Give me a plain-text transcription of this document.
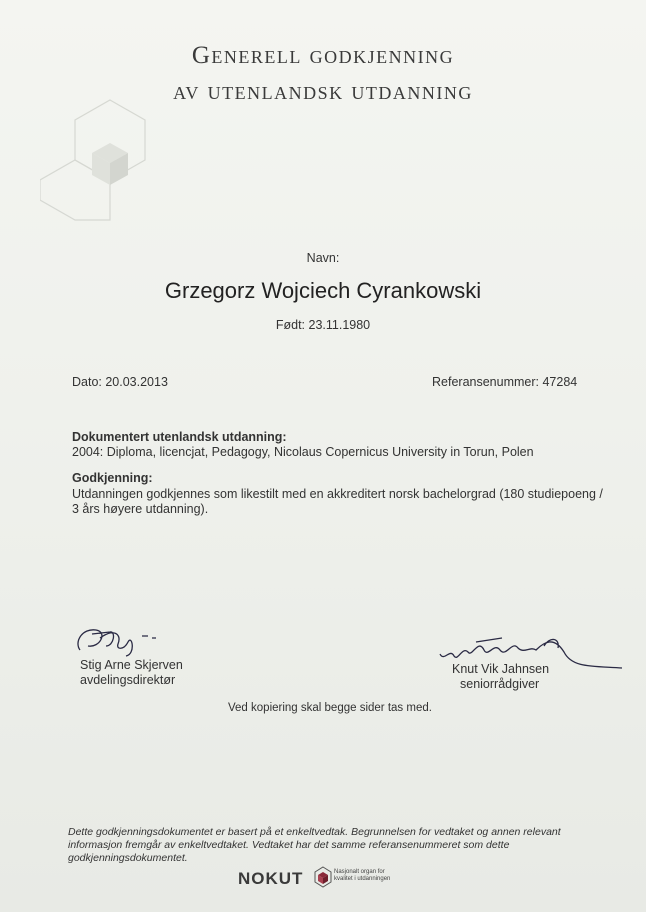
Generell godkjenning
av utenlandsk utdanning
Navn:
Grzegorz Wojciech Cyrankowski
Født: 23.11.1980
Dato: 20.03.2013	Referansenummer: 47284
Dokumentert utenlandsk utdanning:
2004: Diploma, licencjat, Pedagogy, Nicolaus Copernicus University in Torun, Polen
Godkjenning:
Utdanningen godkjennes som likestilt med en akkreditert norsk bachelorgrad (180 studiepoeng /
3 års høyere utdanning).
Stig Arne Skjerven
avdelingsdirektør
Knut Vik Jahnsen
seniorrådgiver
Ved kopiering skal begge sider tas med.
Dette godkjenningsdokumentet er basert på et enkeltvedtak. Begrunnelsen for vedtaket og annen relevant
informasjon fremgår av enkeltvedtaket. Vedtaket har det samme referansenummeret som dette
godkjenningsdokumentet.
NOKUT	Nasjonalt organ for
kvalitet i utdanningen
